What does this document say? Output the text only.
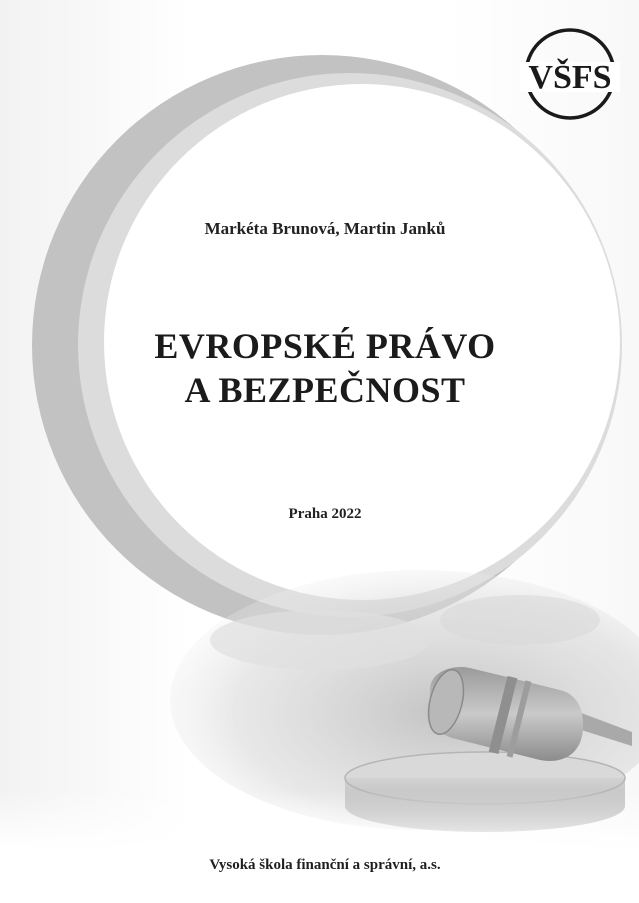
VŠFS
Markéta Brunová, Martin Janků
EVROPSKÉ PRÁVO
A BEZPEČNOST
Praha 2022
Vysoká škola finanční a správní, a.s.
